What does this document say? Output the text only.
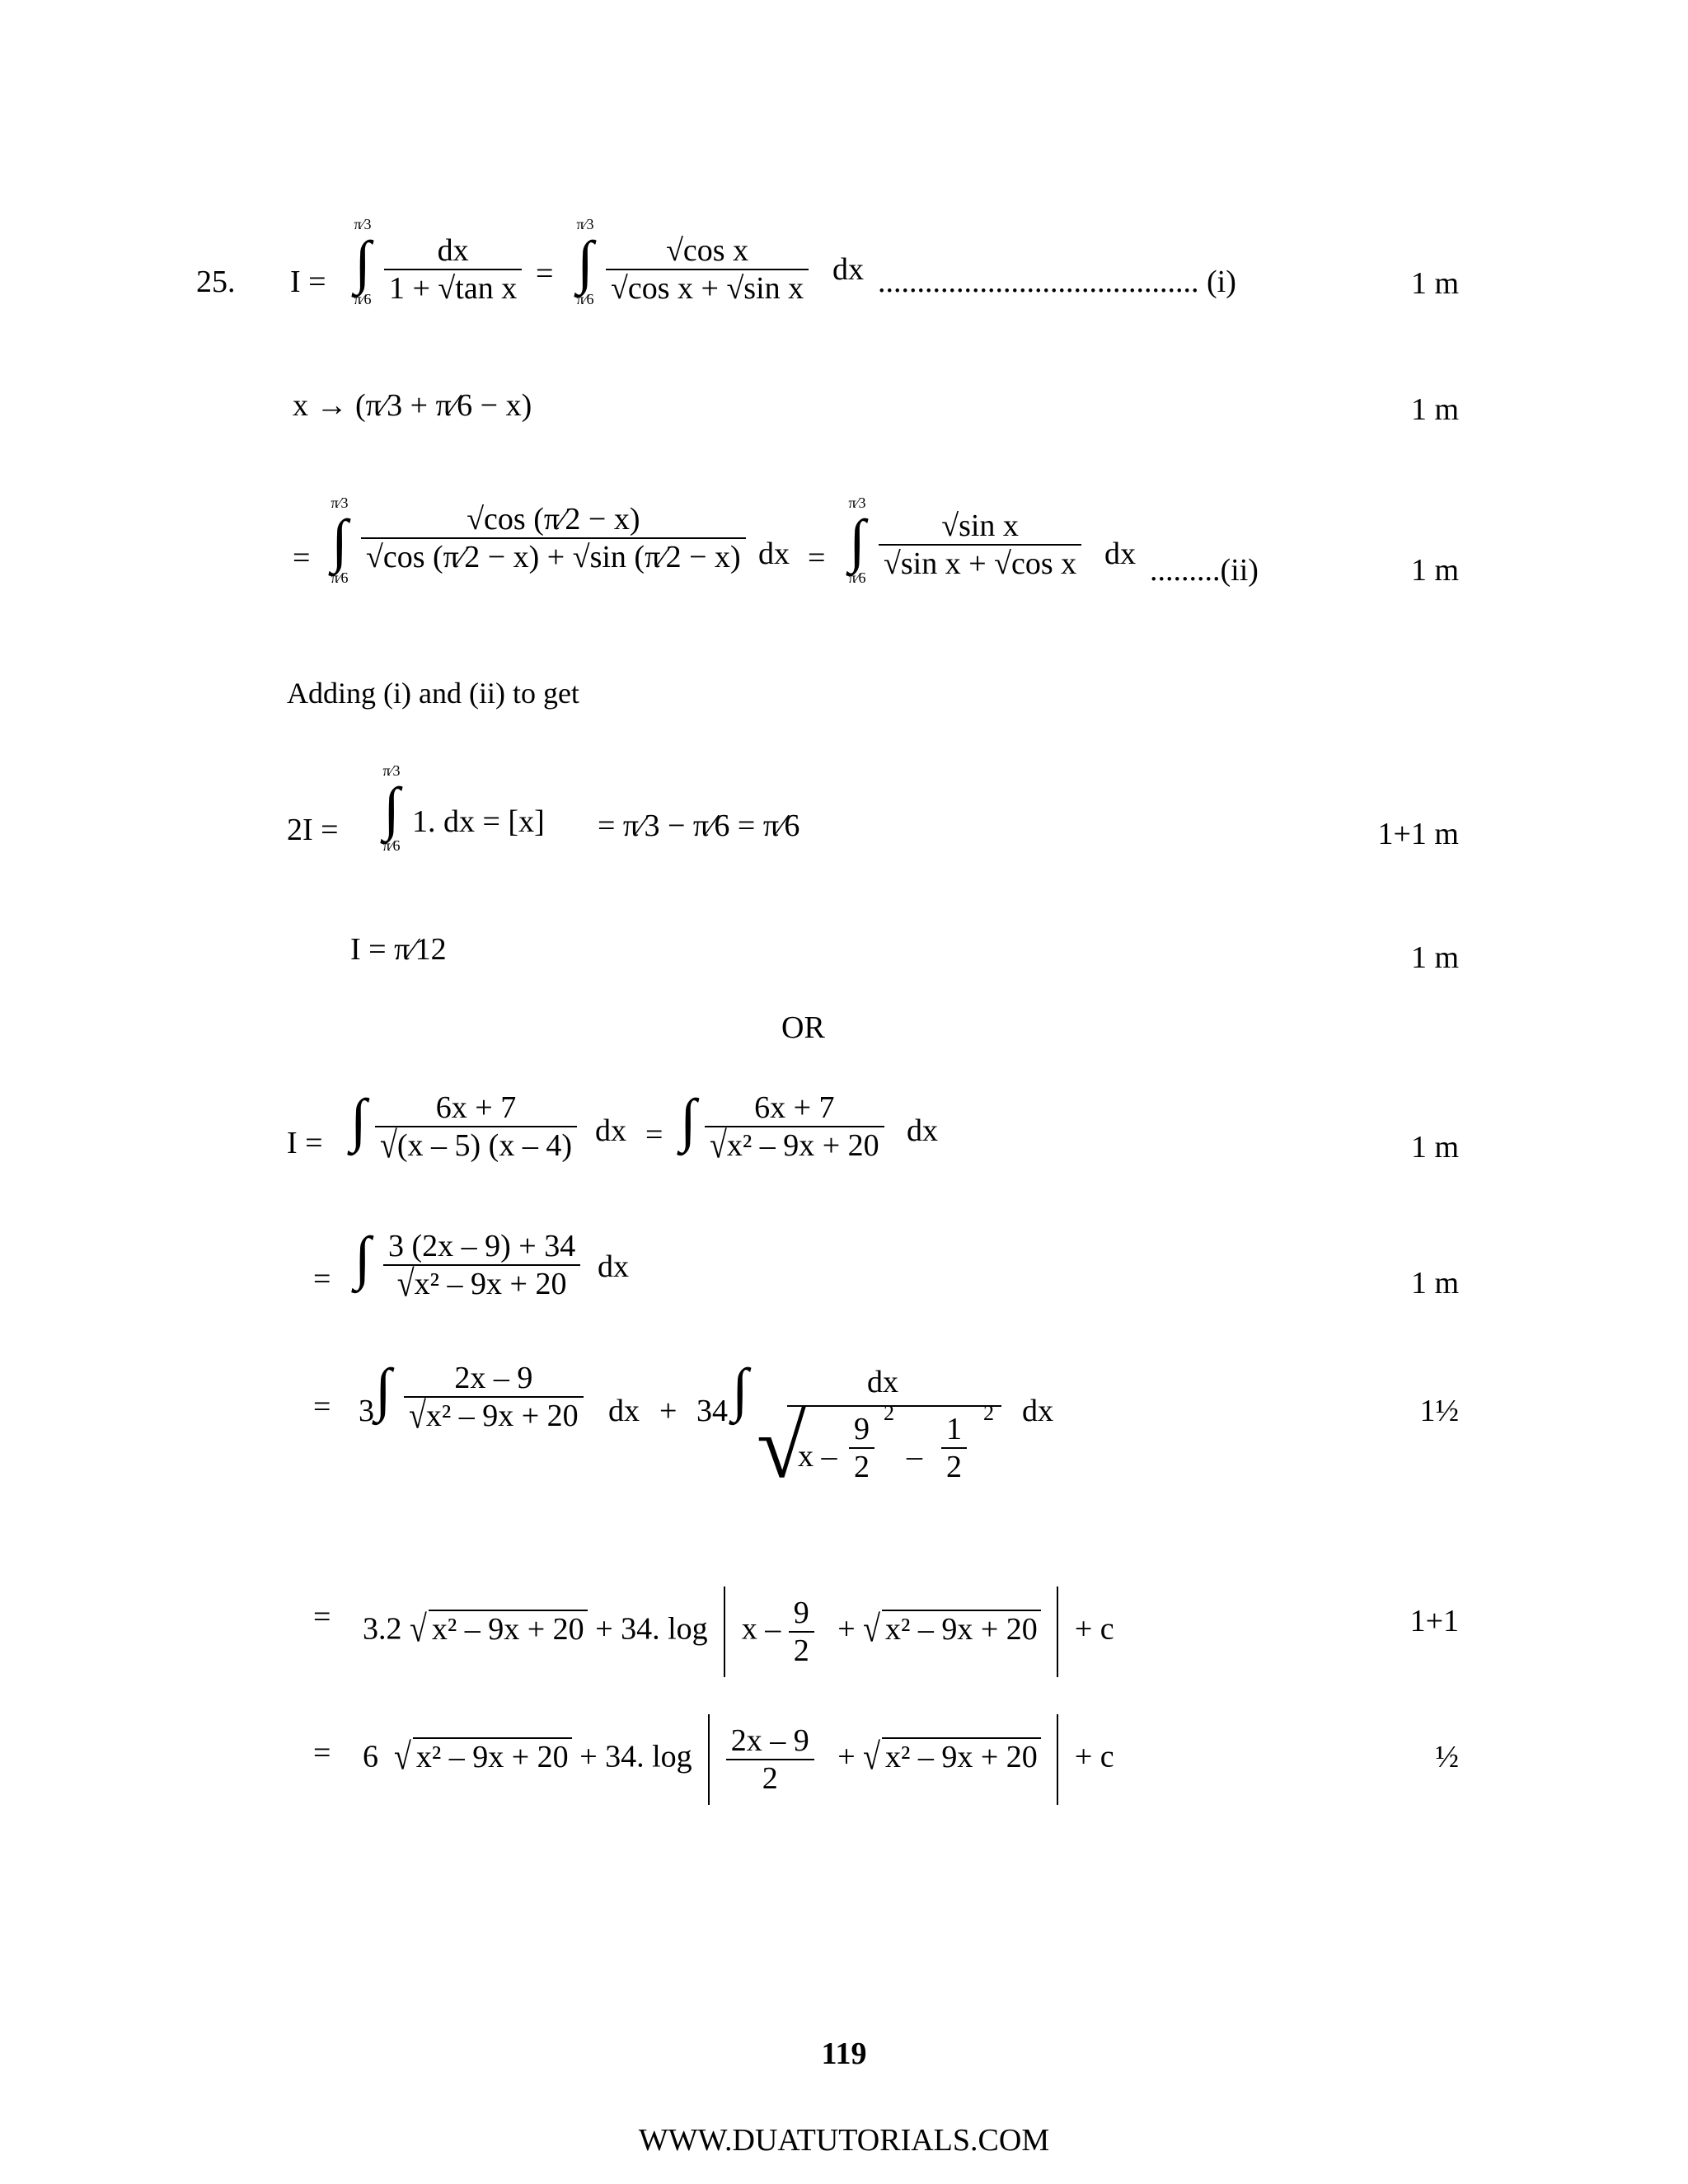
25. I =
π⁄3
∫
π⁄6 $\frac{dx}{\text{1 + √tan x}}$ =
π⁄3
∫
π⁄6 $\frac{\text{√cos x}}{\text{√cos x + √sin x}}$ dx ......................................... (i)	1 m
x → (π⁄3 + π⁄6 − x)	1 m
=
π⁄3
∫
π⁄6
$\frac{√\cos (\pi⁄2 - x)}{√\cos (\pi⁄2 - x) + √\sin (\pi⁄2 - x)}$ dx =
π⁄3
∫
π⁄6 $\frac{\text{√sin x}}{\text{√sin x + √cos x}}$ dx .........(ii)	1 m
Adding (i) and (ii) to get
2I =
π⁄3
∫
π⁄6
1. dx = [x] = π⁄3 − π⁄6 = π⁄6	1+1 m
I = π⁄12	1 m
OR
I = ∫ $\frac{6x + 7}{√(x - 5) (x - 4)}$ dx = ∫ $\frac{6x + 7}{\text{√x² – 9x + 20}}$ dx	1 m
= ∫ $\frac{3 (2x - 9) + 34}{\text{√x² – 9x + 20}}$ dx	1 m
= 3 ∫ $\frac{2x - 9}{\text{√x² – 9x + 20}}$ dx + 34 ∫	dx
√
x – $\frac{9}{2} 2$
– $\frac{1}{2} 2$ dx	1½
= 3.2 √ x² – 9x + 20 + 34. log x – $\frac{9}{2}$ + √ x² – 9x + 20 + c	1+1
= 6 √ x² – 9x + 20 + 34. $\log \frac{2x - 9}{2}$ + √ x² – 9x + 20 + c	½
119
WWW.DUATUTORIALS.COM
